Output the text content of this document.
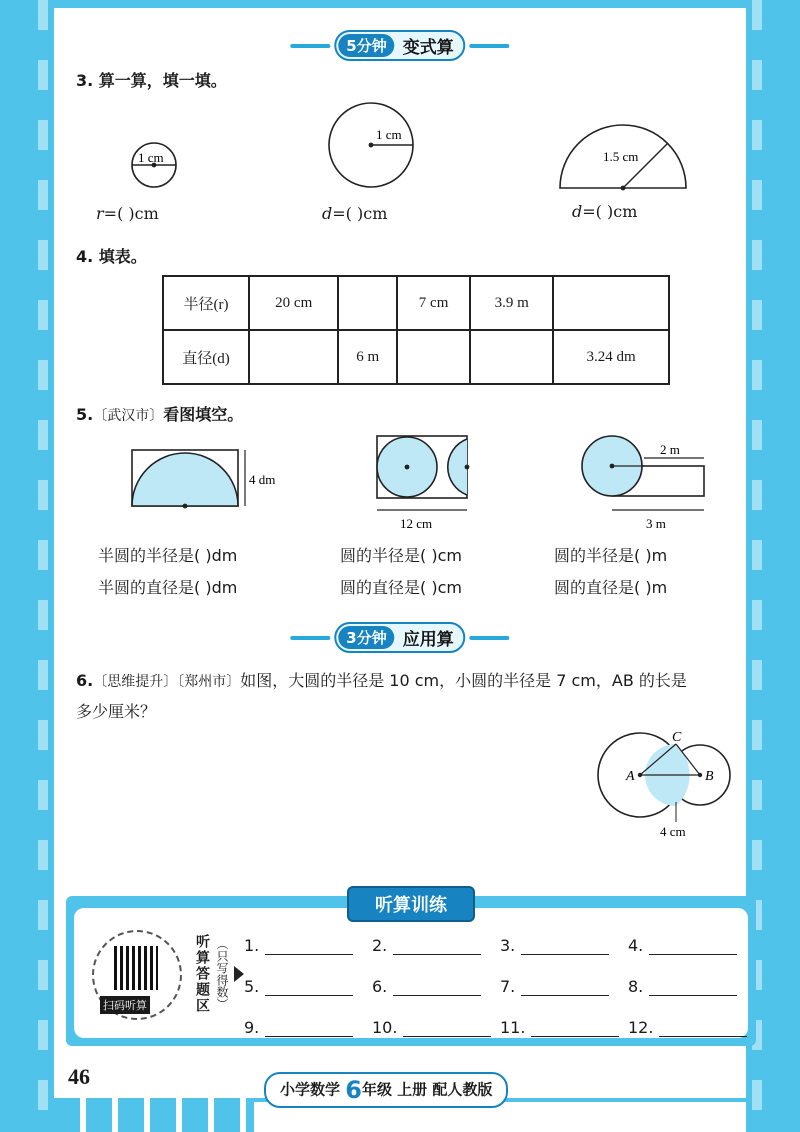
5分钟 变式算
3. 算一算，填一填。
1 cm
1 cm
1.5 cm
r=( )cm	d=( )cm	d=( )cm
4. 填表。
半径(r)	20 cm		7 cm	3.9 m	
直径(d)		6 m			3.24 dm
5.〔武汉市〕看图填空。
4 dm
12 cm
2 m
3 m
半圆的半径是( )dm	圆的半径是( )cm	圆的半径是( )m
半圆的直径是( )dm	圆的直径是( )cm	圆的直径是( )m
3分钟 应用算
6.〔思维提升〕〔郑州市〕如图，大圆的半径是 10 cm，小圆的半径是 7 cm，AB 的长是
多少厘米？
A	B
C
4 cm
扫码听算	听算答题区 （只写得数） 1.	2.	3.	4.
5.	6.	7.	8.
9.	10.	11.	12.
听算训练
46
小学数学 6年级 上册 配人教版
